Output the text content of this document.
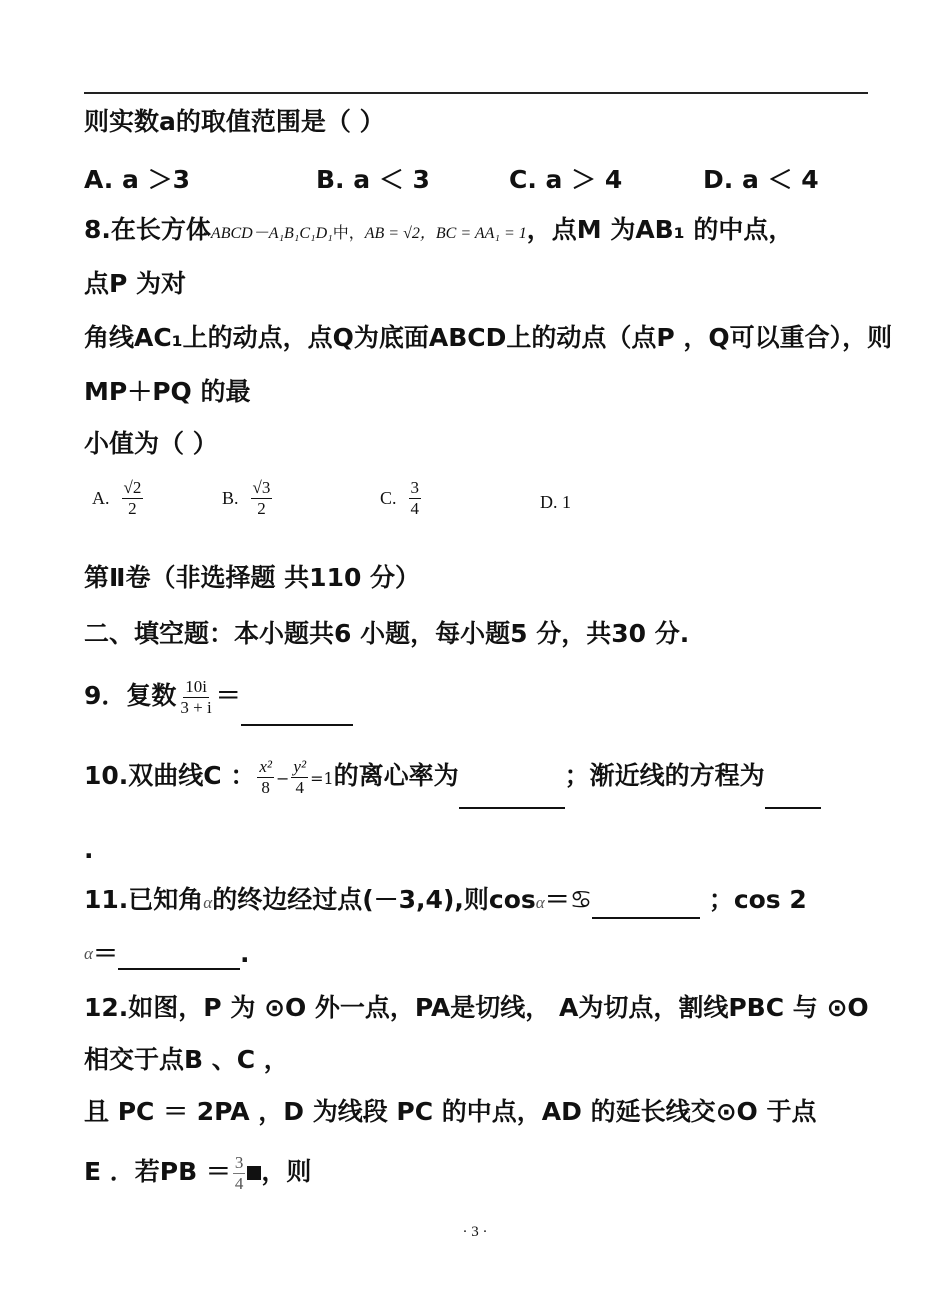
则实数a的取值范围是（ ）
A. a ＞3	B. a ＜ 3	C. a ＞ 4	D. a ＜ 4
8.在长方体ABCD－A₁B₁C₁D₁中，AB = √2，BC = AA₁ = 1，点M 为AB₁ 的中点，
点P 为对
角线AC₁上的动点，点Q为底面ABCD上的动点（点P ，Q可以重合），则
MP＋PQ 的最
小值为（ ）
A. $\frac{√2}{2}$	B. $\frac{√3}{2}$	C. $\frac{3}{4}$	D. 1
第Ⅱ卷（非选择题 共110 分）
二、填空题：本小题共6 小题，每小题5 分，共30 分.
9．复数 $\frac{10i}{3 + i}$ ＝
10.双曲线C ： $\frac{\text{x²}}{8} - \frac{\text{y²}}{4} =1$的离心率为	；渐近线的方程为
.
11.已知角α的终边经过点(－3,4),则cosα＝♋	；cos 2
$^\alpha$＝	.
12.如图，P 为 ⊙O 外一点，PA是切线， A为切点，割线PBC 与 ⊙O
相交于点B 、C ，
且 PC ＝ 2PA ，D 为线段 PC 的中点，AD 的延长线交⊙O 于点
E ．若PB ＝ $\frac{3}{4}$ ，则
· 3 ·
